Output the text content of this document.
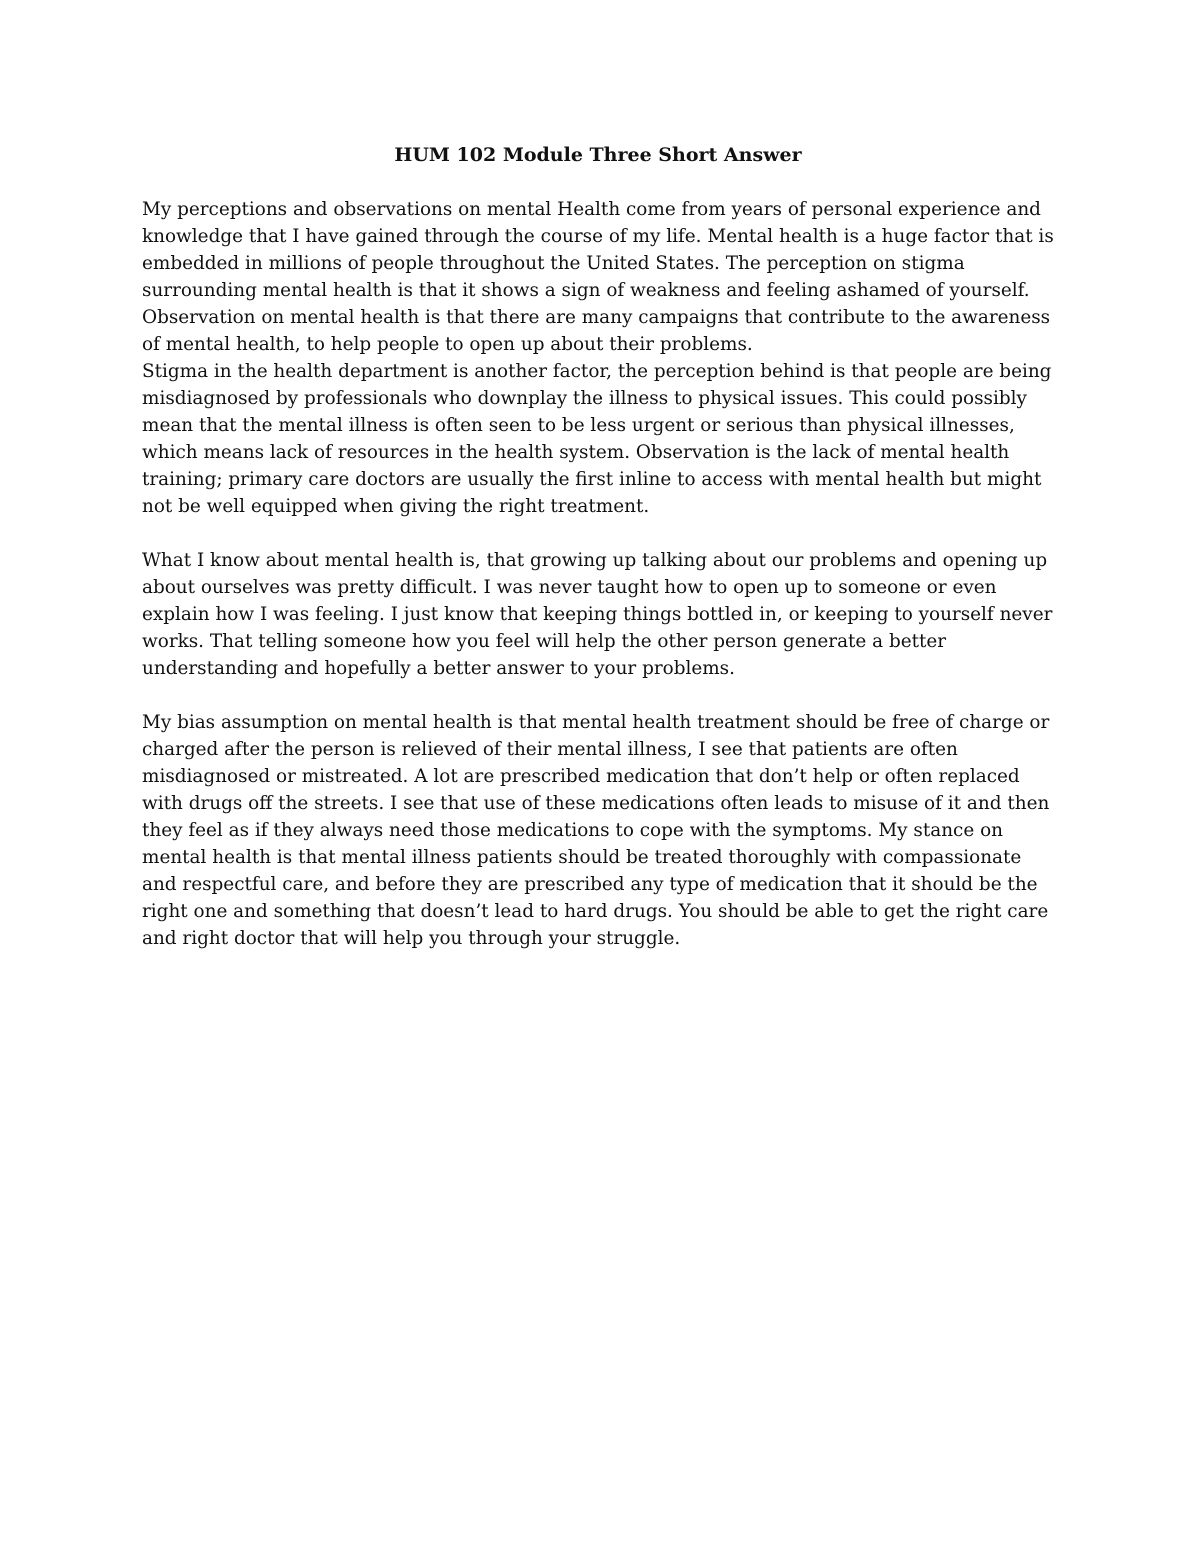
HUM 102 Module Three Short Answer

My perceptions and observations on mental Health come from years of personal experience and knowledge that I have gained through the course of my life. Mental health is a huge factor that is embedded in millions of people throughout the United States. The perception on stigma surrounding mental health is that it shows a sign of weakness and feeling ashamed of yourself. Observation on mental health is that there are many campaigns that contribute to the awareness of mental health, to help people to open up about their problems.

Stigma in the health department is another factor, the perception behind is that people are being misdiagnosed by professionals who downplay the illness to physical issues. This could possibly mean that the mental illness is often seen to be less urgent or serious than physical illnesses, which means lack of resources in the health system. Observation is the lack of mental health training; primary care doctors are usually the first inline to access with mental health but might not be well equipped when giving the right treatment.

What I know about mental health is, that growing up talking about our problems and opening up about ourselves was pretty difficult. I was never taught how to open up to someone or even explain how I was feeling. I just know that keeping things bottled in, or keeping to yourself never works. That telling someone how you feel will help the other person generate a better understanding and hopefully a better answer to your problems.

My bias assumption on mental health is that mental health treatment should be free of charge or charged after the person is relieved of their mental illness, I see that patients are often misdiagnosed or mistreated. A lot are prescribed medication that don’t help or often replaced with drugs off the streets. I see that use of these medications often leads to misuse of it and then they feel as if they always need those medications to cope with the symptoms. My stance on mental health is that mental illness patients should be treated thoroughly with compassionate and respectful care, and before they are prescribed any type of medication that it should be the right one and something that doesn’t lead to hard drugs. You should be able to get the right care and right doctor that will help you through your struggle.
